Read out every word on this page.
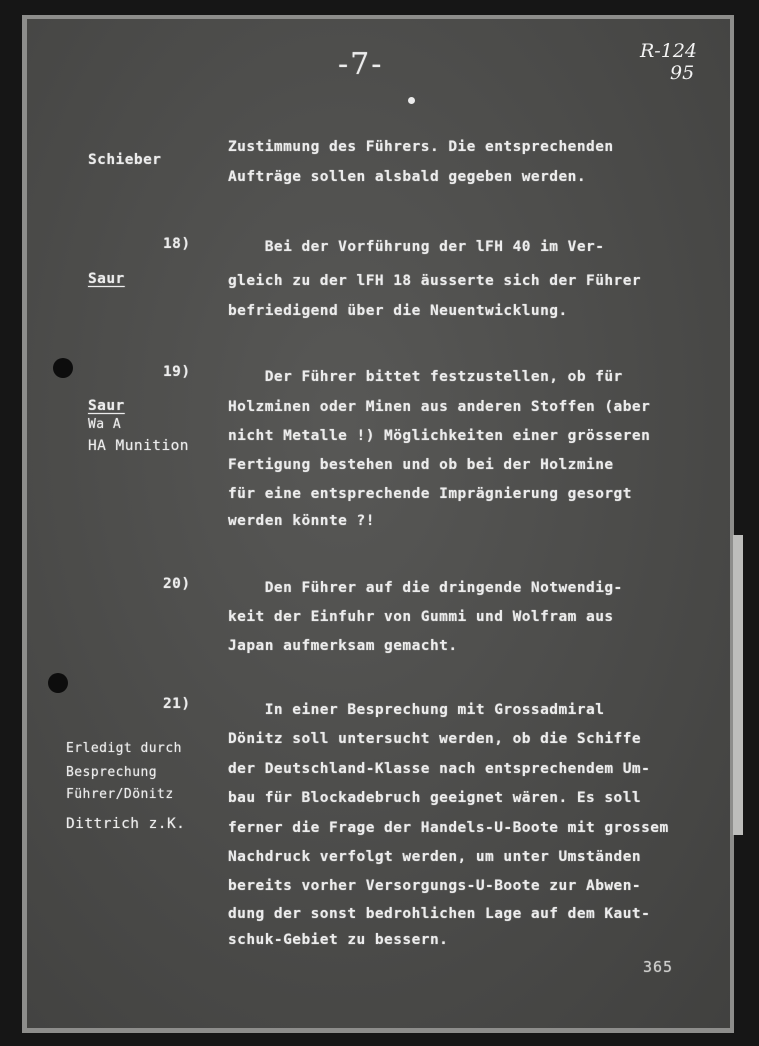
-7-	R-124
95
Schieber
Zustimmung des Führers. Die entsprechenden
Aufträge sollen alsbald gegeben werden.
18)
Saur
Bei der Vorführung der lFH 40 im Ver-
gleich zu der lFH 18 äusserte sich der Führer
befriedigend über die Neuentwicklung.
19)
Saur
Wa A
HA Munition
Der Führer bittet festzustellen, ob für
Holzminen oder Minen aus anderen Stoffen (aber
nicht Metalle !) Möglichkeiten einer grösseren
Fertigung bestehen und ob bei der Holzmine
für eine entsprechende Imprägnierung gesorgt
werden könnte ?!
20)	Den Führer auf die dringende Notwendig-
keit der Einfuhr von Gummi und Wolfram aus
Japan aufmerksam gemacht.
21)
Erledigt durch
Besprechung
Führer/Dönitz
Dittrich z.K.
In einer Besprechung mit Grossadmiral
Dönitz soll untersucht werden, ob die Schiffe
der Deutschland-Klasse nach entsprechendem Um-
bau für Blockadebruch geeignet wären. Es soll
ferner die Frage der Handels-U-Boote mit grossem
Nachdruck verfolgt werden, um unter Umständen
bereits vorher Versorgungs-U-Boote zur Abwen-
dung der sonst bedrohlichen Lage auf dem Kaut-
schuk-Gebiet zu bessern.
365
